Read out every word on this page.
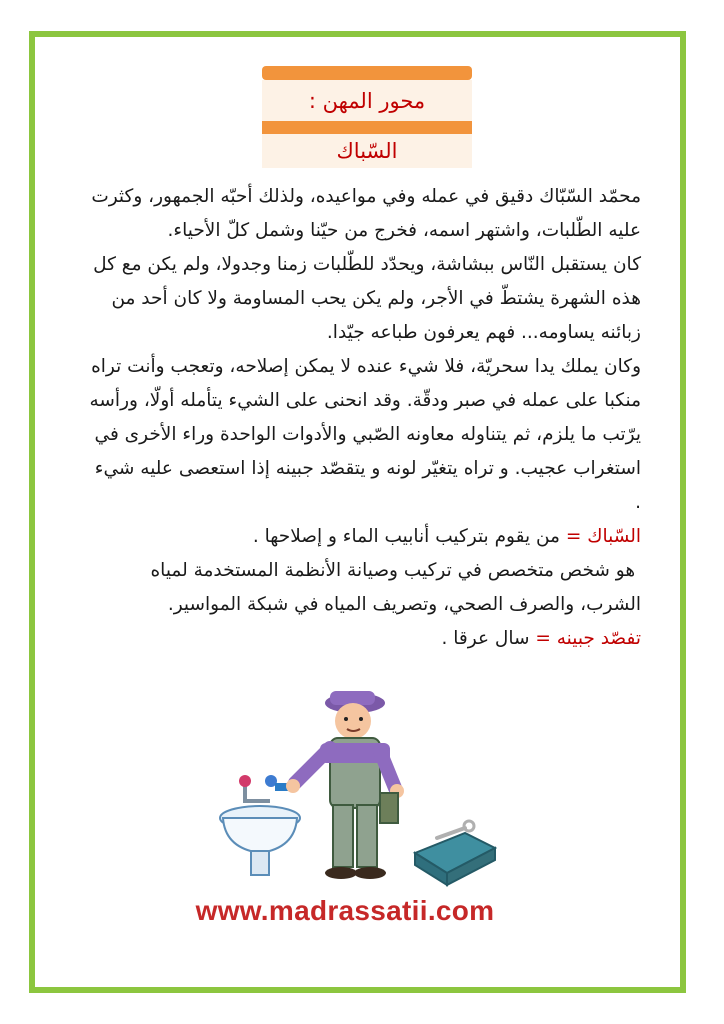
محور المهن :
السّباك

محمّد السّبّاك دقيق في عمله وفي مواعيده، ولذلك أحبّه الجمهور، وكثرت عليه الطّلبات، واشتهر اسمه، فخرج من حيّنا وشمل كلّ الأحياء.

كان يستقبل النّاس ببشاشة، ويحدّد للطّلبات زمنا وجدولا، ولم يكن مع كل هذه الشهرة يشتطّ في الأجر، ولم يكن يحب المساومة ولا كان أحد من زبائنه يساومه... فهم يعرفون طباعه جيّدا.

وكان يملك يدا سحريّة، فلا شيء عنده لا يمكن إصلاحه، وتعجب وأنت تراه منكبا على عمله في صبر ودقّة. وقد انحنى على الشيء يتأمله أولّا، ورأسه يرّتب ما يلزم، ثم يتناوله معاونه الصّبي والأدوات الواحدة وراء الأخرى في استغراب عجيب. و تراه يتغيّر لونه و يتقصّد جبينه إذا استعصى عليه شيء .

السّباك = من يقوم بتركيب أنابيب الماء و إصلاحها .

هو شخص متخصص في تركيب وصيانة الأنظمة المستخدمة لمياه الشرب، والصرف الصحي، وتصريف المياه في شبكة المواسير.

تفصّد جبينه = سال عرقا .

www.madrassatii.com
